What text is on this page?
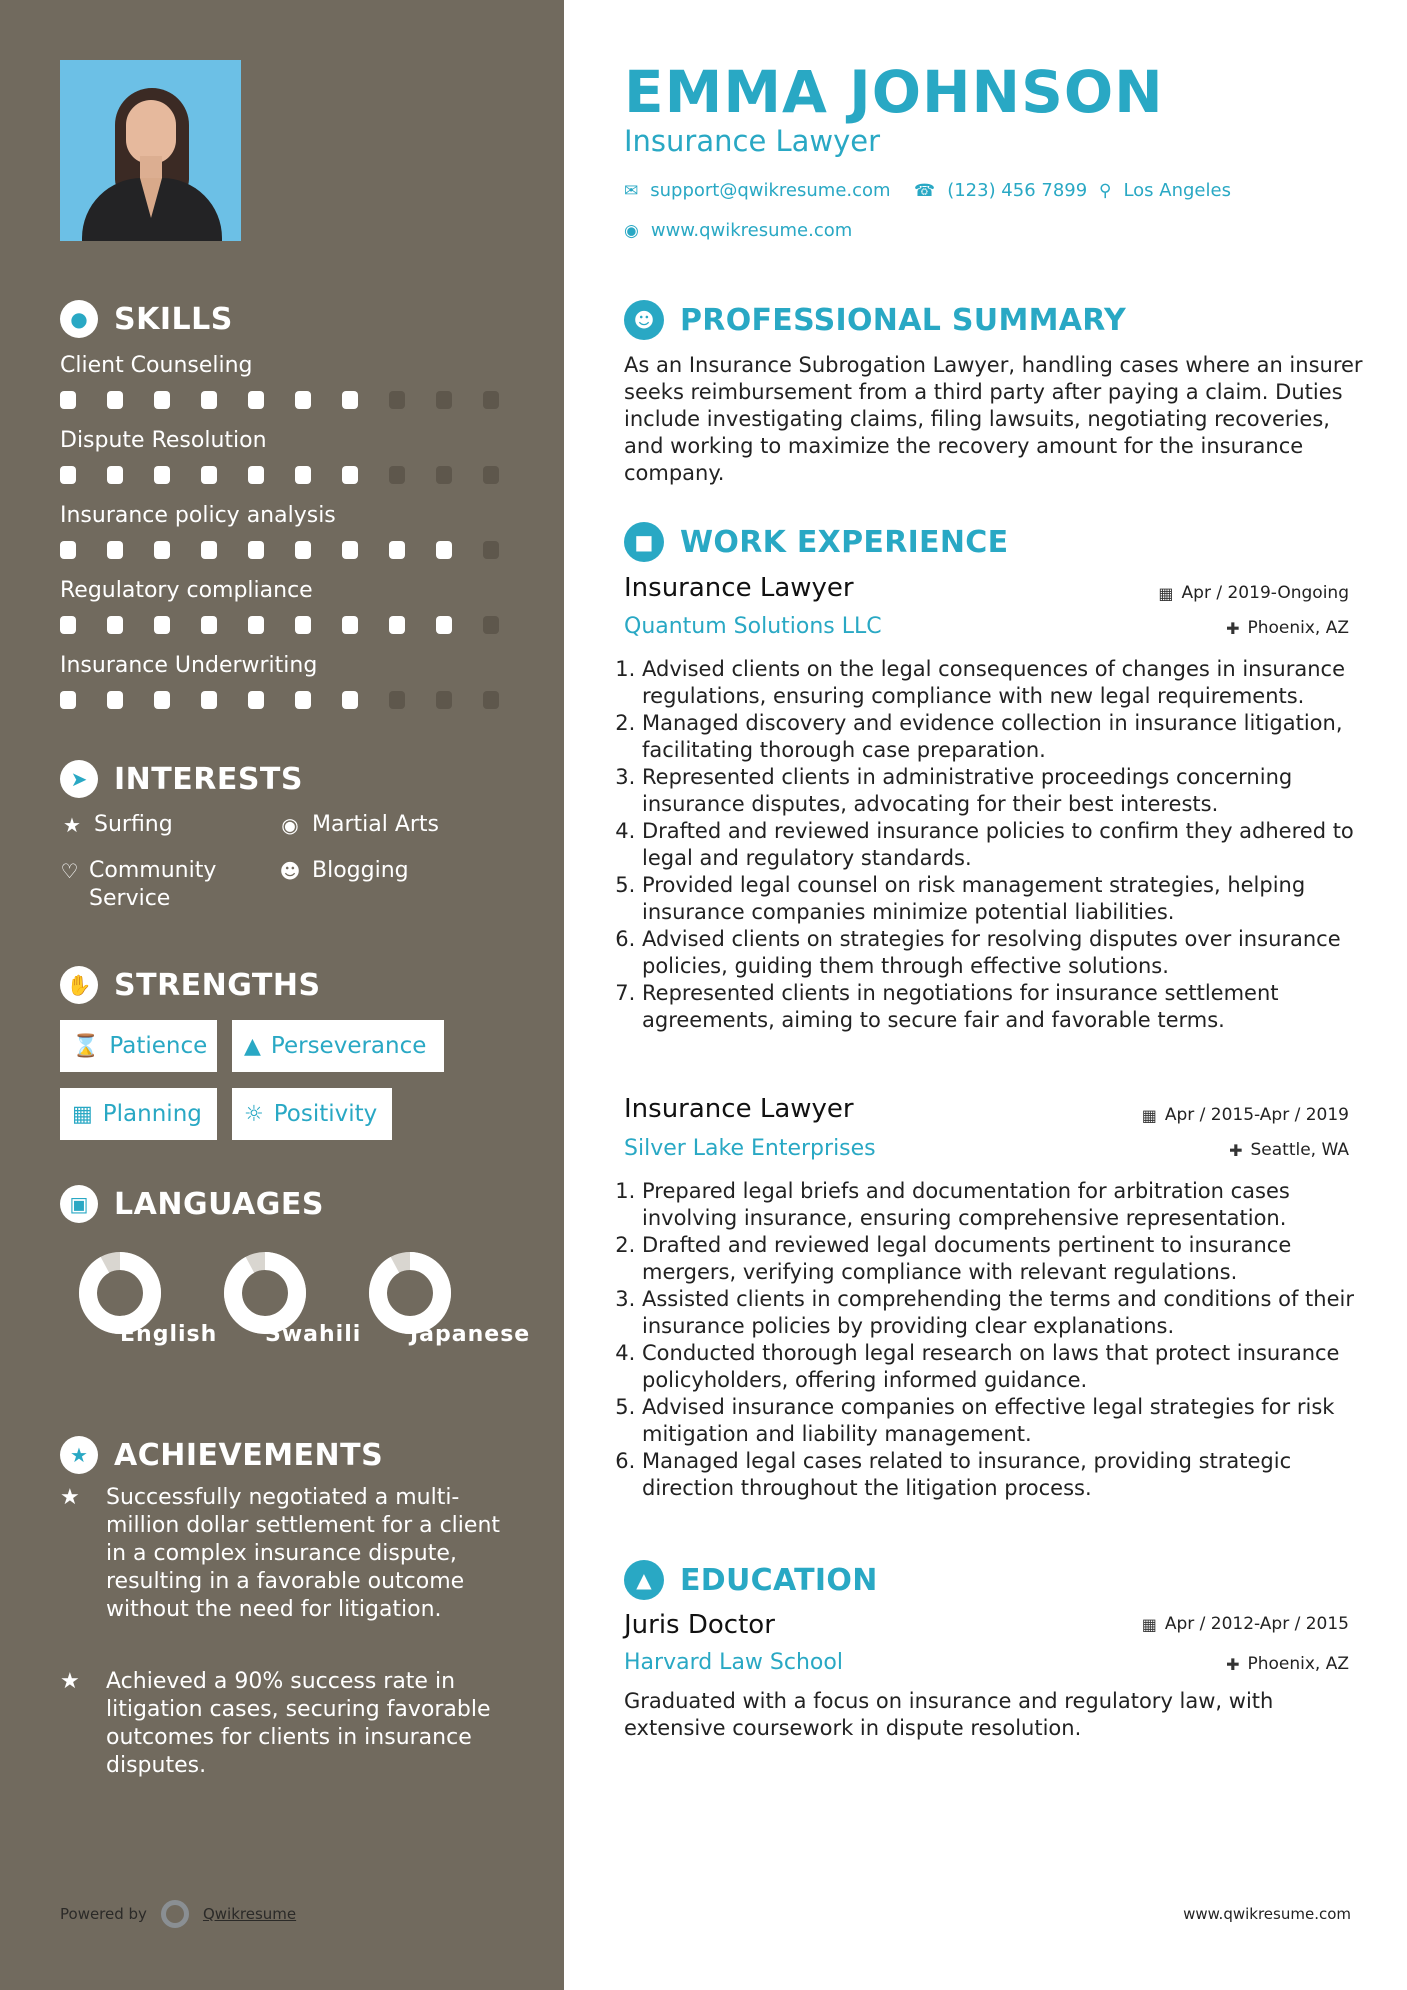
● SKILLS
Client Counseling
Dispute Resolution
Insurance policy analysis
Regulatory compliance
Insurance Underwriting
➤ INTERESTS
★ Surfing	◉ Martial Arts
♡ Community Service
☻ Blogging
✋ STRENGTHS
⌛ Patience ▲ Perseverance
▦ Planning ☼ Positivity
▣ LANGUAGES
English Swahili Japanese
★ ACHIEVEMENTS
★	Successfully negotiated a multi-million dollar settlement for a client in a complex insurance dispute, resulting in a favorable outcome without the need for litigation.
★	Achieved a 90% success rate in litigation cases, securing favorable outcomes for clients in insurance disputes.
Powered by	Qwikresume
EMMA JOHNSON
Insurance Lawyer
✉ support@qwikresume.com ☎ (123) 456 7899 ⚲ Los Angeles
◉ www.qwikresume.com
☻ PROFESSIONAL SUMMARY
As an Insurance Subrogation Lawyer, handling cases where an insurer seeks reimbursement from a third party after paying a claim. Duties include investigating claims, filing lawsuits, negotiating recoveries, and working to maximize the recovery amount for the insurance company.
■ WORK EXPERIENCE
Insurance Lawyer	▦ Apr / 2019-Ongoing
Quantum Solutions LLC	✚ Phoenix, AZ
1. Advised clients on the legal consequences of changes in insurance regulations, ensuring compliance with new legal requirements.
2. Managed discovery and evidence collection in insurance litigation, facilitating thorough case preparation.
3. Represented clients in administrative proceedings concerning insurance disputes, advocating for their best interests.
4. Drafted and reviewed insurance policies to confirm they adhered to legal and regulatory standards.
5. Provided legal counsel on risk management strategies, helping insurance companies minimize potential liabilities.
6. Advised clients on strategies for resolving disputes over insurance policies, guiding them through effective solutions.
7. Represented clients in negotiations for insurance settlement agreements, aiming to secure fair and favorable terms.
Insurance Lawyer	▦ Apr / 2015-Apr / 2019
Silver Lake Enterprises	✚ Seattle, WA
1. Prepared legal briefs and documentation for arbitration cases involving insurance, ensuring comprehensive representation.
2. Drafted and reviewed legal documents pertinent to insurance mergers, verifying compliance with relevant regulations.
3. Assisted clients in comprehending the terms and conditions of their insurance policies by providing clear explanations.
4. Conducted thorough legal research on laws that protect insurance policyholders, offering informed guidance.
5. Advised insurance companies on effective legal strategies for risk mitigation and liability management.
6. Managed legal cases related to insurance, providing strategic direction throughout the litigation process.
▲ EDUCATION
Juris Doctor	▦ Apr / 2012-Apr / 2015
Harvard Law School	✚ Phoenix, AZ
Graduated with a focus on insurance and regulatory law, with extensive coursework in dispute resolution.
www.qwikresume.com
